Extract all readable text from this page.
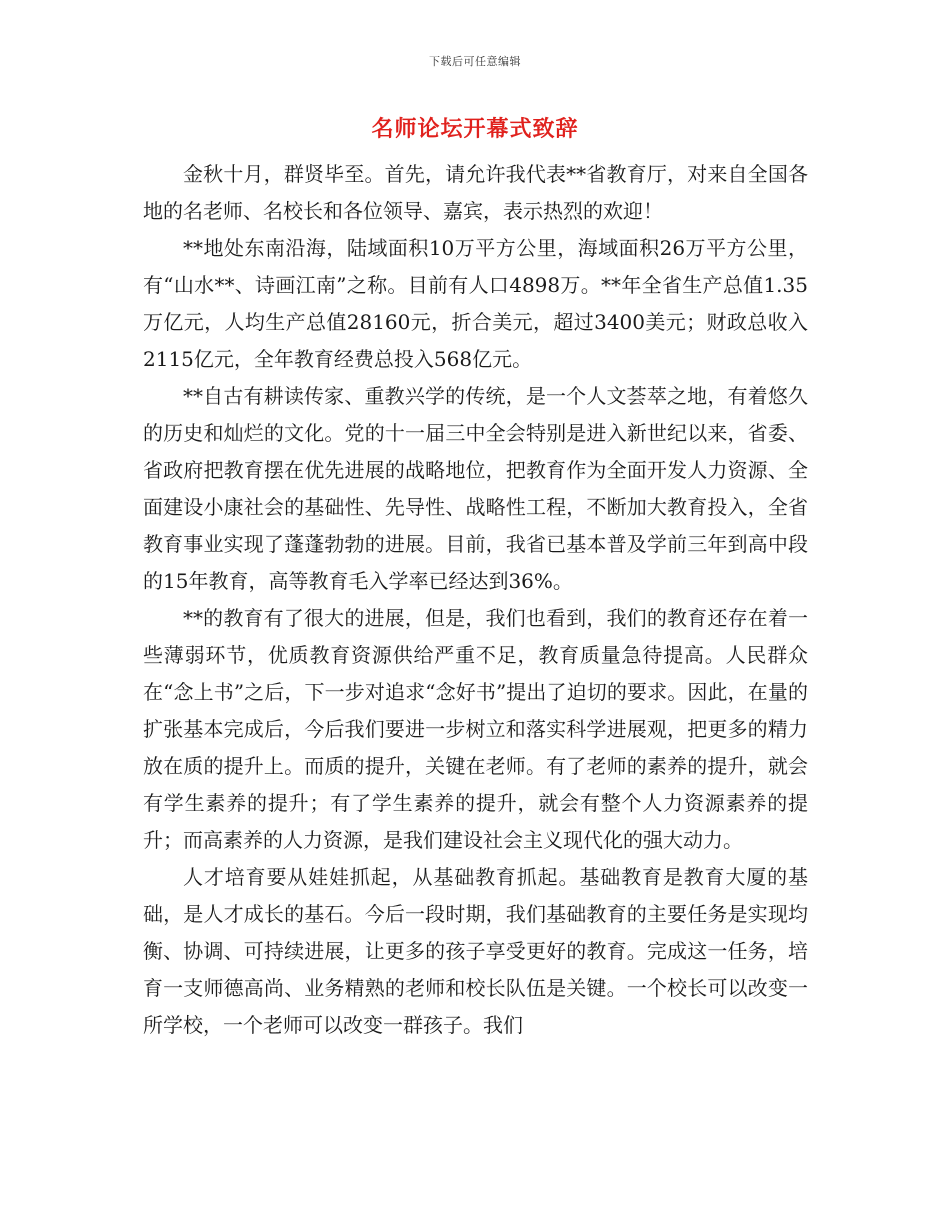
下载后可任意编辑
名师论坛开幕式致辞

金秋十月，群贤毕至。首先，请允许我代表**省教育厅，对来自全国各地的名老师、名校长和各位领导、嘉宾，表示热烈的欢迎！

**地处东南沿海，陆域面积10万平方公里，海域面积26万平方公里，有“山水**、诗画江南”之称。目前有人口4898万。**年全省生产总值1.35万亿元，人均生产总值28160元，折合美元，超过3400美元；财政总收入2115亿元，全年教育经费总投入568亿元。

**自古有耕读传家、重教兴学的传统，是一个人文荟萃之地，有着悠久的历史和灿烂的文化。党的十一届三中全会特别是进入新世纪以来，省委、省政府把教育摆在优先进展的战略地位，把教育作为全面开发人力资源、全面建设小康社会的基础性、先导性、战略性工程，不断加大教育投入，全省教育事业实现了蓬蓬勃勃的进展。目前，我省已基本普及学前三年到高中段的15年教育，高等教育毛入学率已经达到36%。

**的教育有了很大的进展，但是，我们也看到，我们的教育还存在着一些薄弱环节，优质教育资源供给严重不足，教育质量急待提高。人民群众在“念上书”之后，下一步对追求“念好书”提出了迫切的要求。因此，在量的扩张基本完成后，今后我们要进一步树立和落实科学进展观，把更多的精力放在质的提升上。而质的提升，关键在老师。有了老师的素养的提升，就会有学生素养的提升；有了学生素养的提升，就会有整个人力资源素养的提升；而高素养的人力资源，是我们建设社会主义现代化的强大动力。

人才培育要从娃娃抓起，从基础教育抓起。基础教育是教育大厦的基础，是人才成长的基石。今后一段时期，我们基础教育的主要任务是实现均衡、协调、可持续进展，让更多的孩子享受更好的教育。完成这一任务，培育一支师德高尚、业务精熟的老师和校长队伍是关键。一个校长可以改变一所学校，一个老师可以改变一群孩子。我们
